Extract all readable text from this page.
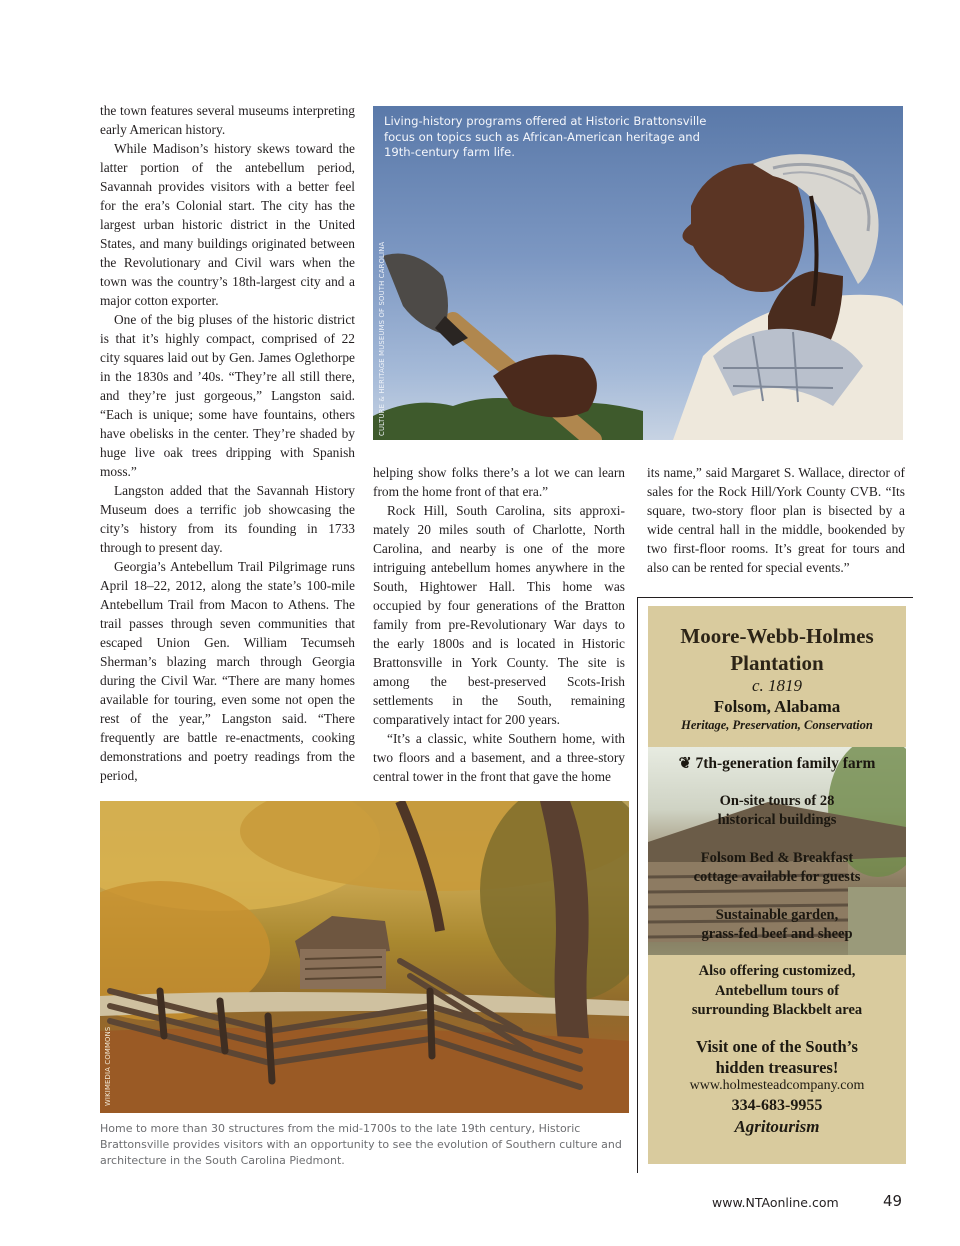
the town features several museums interpreting early American history.

While Madison’s history skews toward the latter portion of the antebellum period, Savannah provides visitors with a better feel for the era’s Colonial start. The city has the largest urban historic district in the United States, and many buildings originated between the Revolutionary and Civil wars when the town was the country’s 18th-largest city and a major cotton exporter.

One of the big pluses of the historic district is that it’s highly compact, comprised of 22 city squares laid out by Gen. James Oglethorpe in the 1830s and ’40s. “They’re all still there, and they’re just gorgeous,” Langston said. “Each is unique; some have fountains, others have obelisks in the center. They’re shaded by huge live oak trees dripping with Spanish moss.”

Langston added that the Savannah History Museum does a terrific job showcasing the city’s history from its founding in 1733 through to present day.

Georgia’s Antebellum Trail Pilgrimage runs April 18–22, 2012, along the state’s 100-mile Antebellum Trail from Macon to Athens. The trail passes through seven communities that escaped Union Gen. William Tecumseh Sherman’s blazing march through Georgia during the Civil War. “There are many homes available for touring, even some not open the rest of the year,” Langston said. “There frequently are battle re-enactments, cooking demonstrations and poetry readings from the period,

Living-history programs offered at Historic Brattonsville focus on topics such as African-American heritage and 19th-century farm life.
CULTURE & HERITAGE MUSEUMS OF SOUTH CAROLINA

helping show folks there’s a lot we can learn from the home front of that era.”

Rock Hill, South Carolina, sits approximately 20 miles south of Charlotte, North Carolina, and nearby is one of the more intriguing antebellum homes anywhere in the South, Hightower Hall. This home was occupied by four generations of the Bratton family from pre-Revolutionary War days to the early 1800s and is located in Historic Brattonsville in York County. The site is among the best-preserved Scots-Irish settlements in the South, remaining comparatively intact for 200 years.

“It’s a classic, white Southern home, with two floors and a basement, and a three-story central tower in the front that gave the home

its name,” said Margaret S. Wallace, director of sales for the Rock Hill/York County CVB. “Its square, two-story floor plan is bisected by a wide central hall in the middle, bookended by two first-floor rooms. It’s great for tours and also can be rented for special events.”

WIKIMEDIA COMMONS
Home to more than 30 structures from the mid-1700s to the late 19th century, Historic Brattonsville provides visitors with an opportunity to see the evolution of Southern culture and architecture in the South Carolina Piedmont.
Moore-Webb-Holmes
Plantation
c. 1819
Folsom, Alabama
Heritage, Preservation, Conservation
❦ 7th-generation family farm
On-site tours of 28
historical buildings
Folsom Bed & Breakfast
cottage available for guests
Sustainable garden,
grass-fed beef and sheep
Also offering customized,
Antebellum tours of
surrounding Blackbelt area
Visit one of the South’s
hidden treasures!
www.holmesteadcompany.com
334-683-9955
Agritourism
www.NTAonline.com	49
